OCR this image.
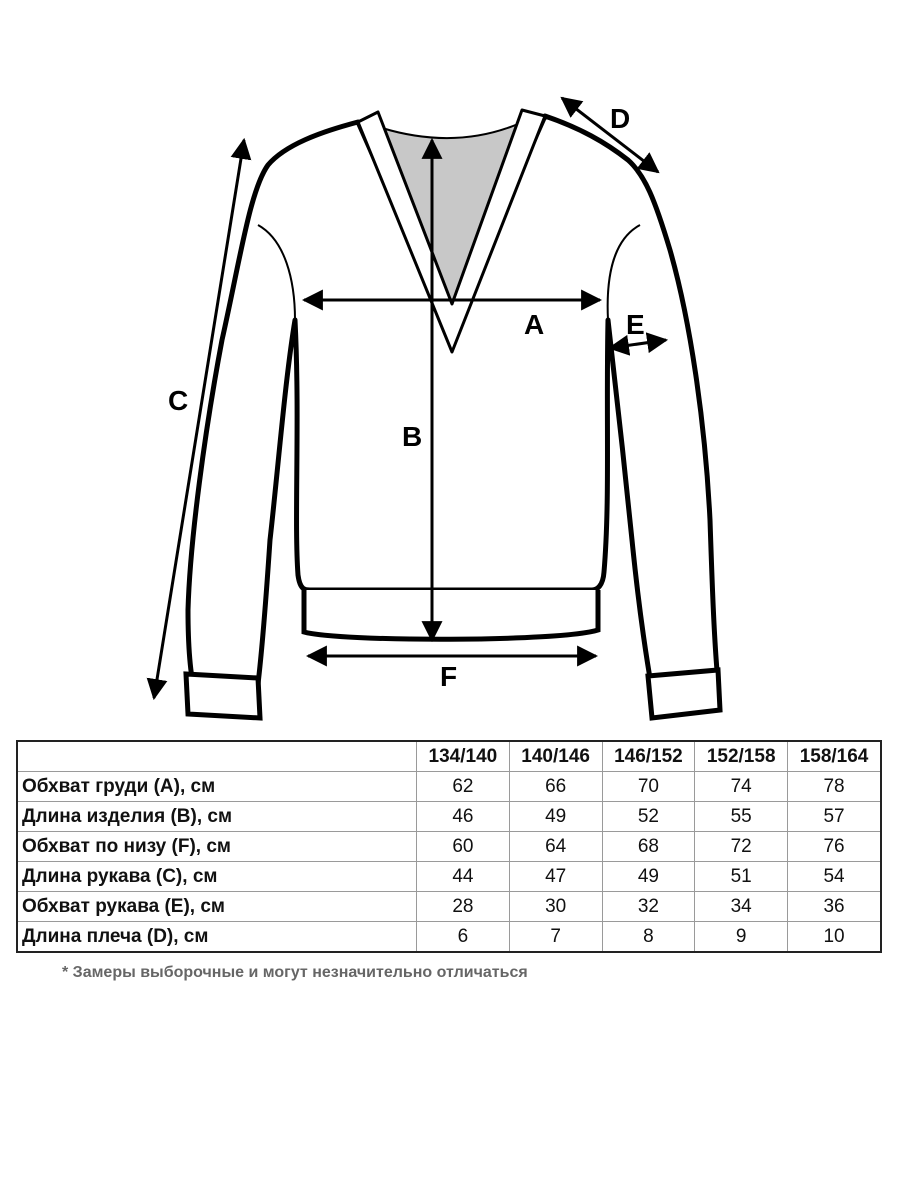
A
B
C
D
E
F
	134/140	140/146	146/152	152/158	158/164
Обхват груди (А), см	62	66	70	74	78
Длина изделия (B), см	46	49	52	55	57
Обхват по низу (F), см	60	64	68	72	76
Длина рукава (C), см	44	47	49	51	54
Обхват рукава (E), см	28	30	32	34	36
Длина плеча (D), см	6	7	8	9	10
* Замеры выборочные и могут незначительно отличаться
